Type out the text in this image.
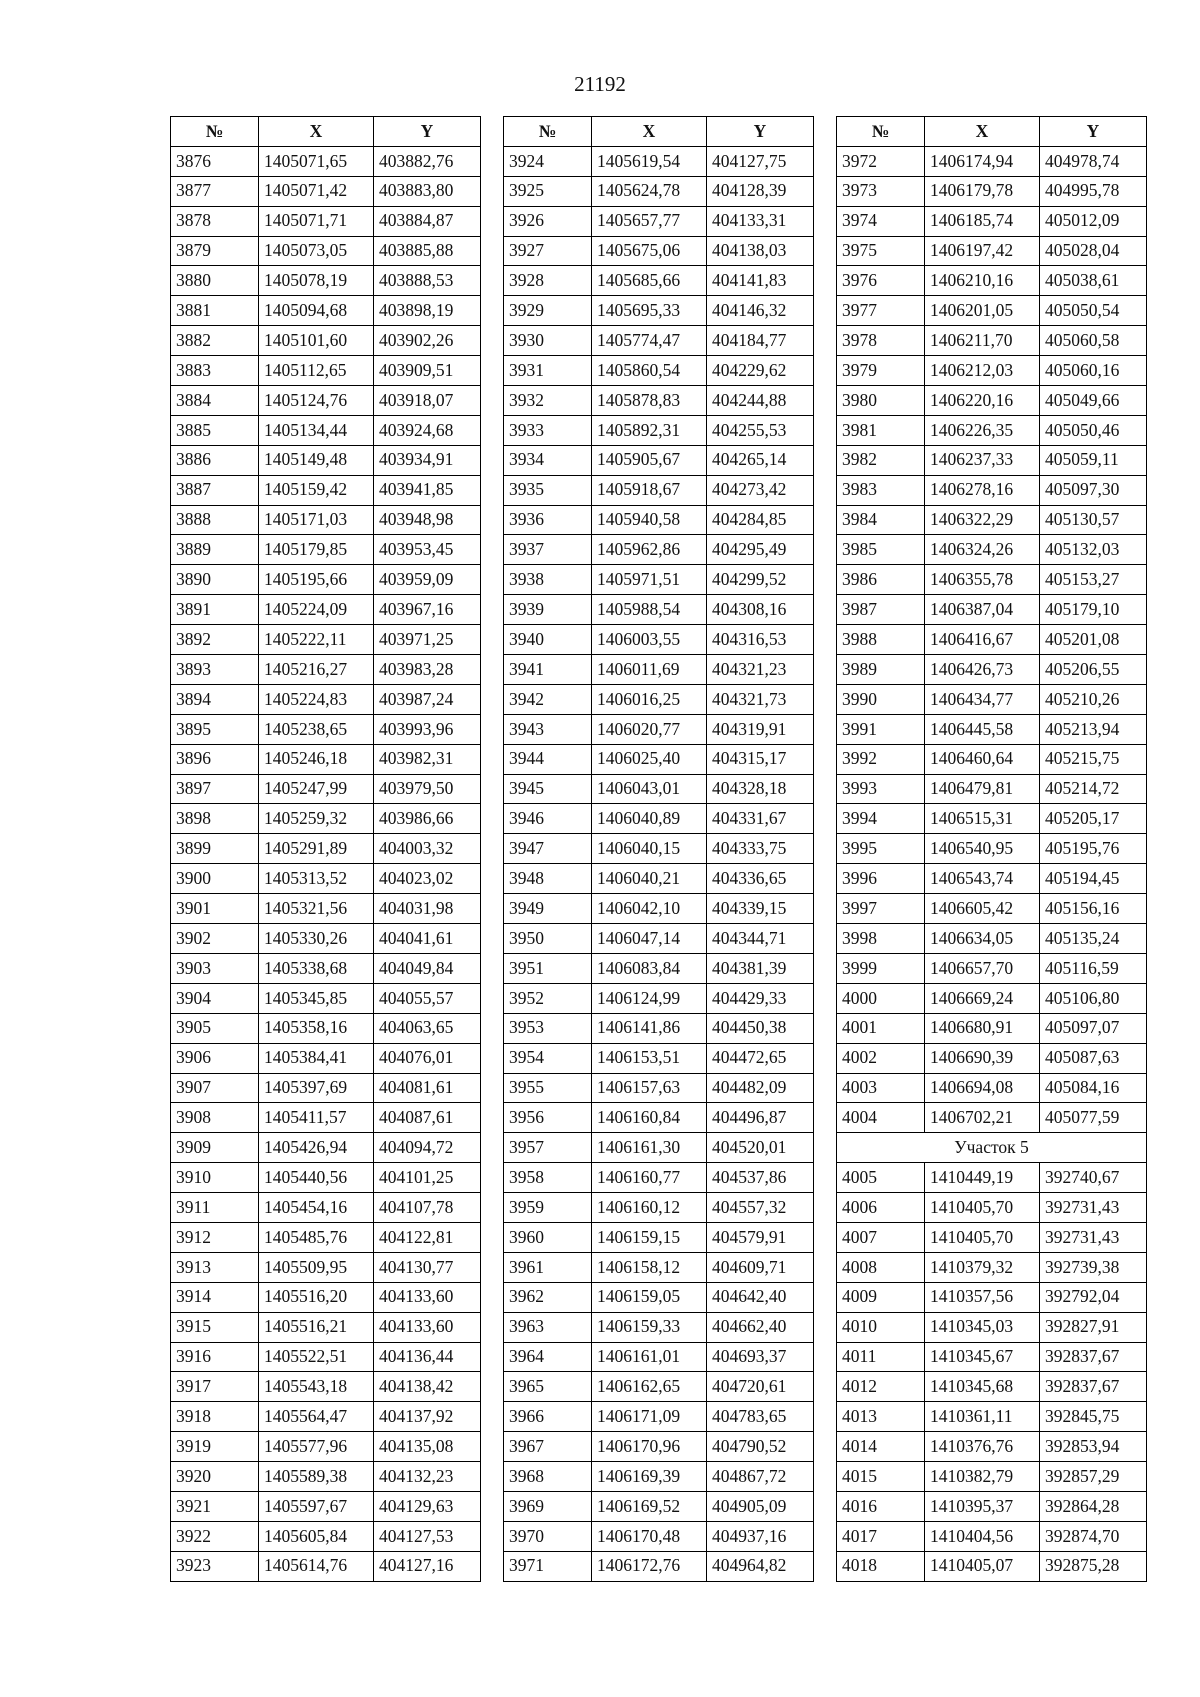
21192
№	X	Y
3876	1405071,65	403882,76
3877	1405071,42	403883,80
3878	1405071,71	403884,87
3879	1405073,05	403885,88
3880	1405078,19	403888,53
3881	1405094,68	403898,19
3882	1405101,60	403902,26
3883	1405112,65	403909,51
3884	1405124,76	403918,07
3885	1405134,44	403924,68
3886	1405149,48	403934,91
3887	1405159,42	403941,85
3888	1405171,03	403948,98
3889	1405179,85	403953,45
3890	1405195,66	403959,09
3891	1405224,09	403967,16
3892	1405222,11	403971,25
3893	1405216,27	403983,28
3894	1405224,83	403987,24
3895	1405238,65	403993,96
3896	1405246,18	403982,31
3897	1405247,99	403979,50
3898	1405259,32	403986,66
3899	1405291,89	404003,32
3900	1405313,52	404023,02
3901	1405321,56	404031,98
3902	1405330,26	404041,61
3903	1405338,68	404049,84
3904	1405345,85	404055,57
3905	1405358,16	404063,65
3906	1405384,41	404076,01
3907	1405397,69	404081,61
3908	1405411,57	404087,61
3909	1405426,94	404094,72
3910	1405440,56	404101,25
3911	1405454,16	404107,78
3912	1405485,76	404122,81
3913	1405509,95	404130,77
3914	1405516,20	404133,60
3915	1405516,21	404133,60
3916	1405522,51	404136,44
3917	1405543,18	404138,42
3918	1405564,47	404137,92
3919	1405577,96	404135,08
3920	1405589,38	404132,23
3921	1405597,67	404129,63
3922	1405605,84	404127,53
3923	1405614,76	404127,16
№	X	Y
3924	1405619,54	404127,75
3925	1405624,78	404128,39
3926	1405657,77	404133,31
3927	1405675,06	404138,03
3928	1405685,66	404141,83
3929	1405695,33	404146,32
3930	1405774,47	404184,77
3931	1405860,54	404229,62
3932	1405878,83	404244,88
3933	1405892,31	404255,53
3934	1405905,67	404265,14
3935	1405918,67	404273,42
3936	1405940,58	404284,85
3937	1405962,86	404295,49
3938	1405971,51	404299,52
3939	1405988,54	404308,16
3940	1406003,55	404316,53
3941	1406011,69	404321,23
3942	1406016,25	404321,73
3943	1406020,77	404319,91
3944	1406025,40	404315,17
3945	1406043,01	404328,18
3946	1406040,89	404331,67
3947	1406040,15	404333,75
3948	1406040,21	404336,65
3949	1406042,10	404339,15
3950	1406047,14	404344,71
3951	1406083,84	404381,39
3952	1406124,99	404429,33
3953	1406141,86	404450,38
3954	1406153,51	404472,65
3955	1406157,63	404482,09
3956	1406160,84	404496,87
3957	1406161,30	404520,01
3958	1406160,77	404537,86
3959	1406160,12	404557,32
3960	1406159,15	404579,91
3961	1406158,12	404609,71
3962	1406159,05	404642,40
3963	1406159,33	404662,40
3964	1406161,01	404693,37
3965	1406162,65	404720,61
3966	1406171,09	404783,65
3967	1406170,96	404790,52
3968	1406169,39	404867,72
3969	1406169,52	404905,09
3970	1406170,48	404937,16
3971	1406172,76	404964,82
№	X	Y
3972	1406174,94	404978,74
3973	1406179,78	404995,78
3974	1406185,74	405012,09
3975	1406197,42	405028,04
3976	1406210,16	405038,61
3977	1406201,05	405050,54
3978	1406211,70	405060,58
3979	1406212,03	405060,16
3980	1406220,16	405049,66
3981	1406226,35	405050,46
3982	1406237,33	405059,11
3983	1406278,16	405097,30
3984	1406322,29	405130,57
3985	1406324,26	405132,03
3986	1406355,78	405153,27
3987	1406387,04	405179,10
3988	1406416,67	405201,08
3989	1406426,73	405206,55
3990	1406434,77	405210,26
3991	1406445,58	405213,94
3992	1406460,64	405215,75
3993	1406479,81	405214,72
3994	1406515,31	405205,17
3995	1406540,95	405195,76
3996	1406543,74	405194,45
3997	1406605,42	405156,16
3998	1406634,05	405135,24
3999	1406657,70	405116,59
4000	1406669,24	405106,80
4001	1406680,91	405097,07
4002	1406690,39	405087,63
4003	1406694,08	405084,16
4004	1406702,21	405077,59
Участок 5		
4005	1410449,19	392740,67
4006	1410405,70	392731,43
4007	1410405,70	392731,43
4008	1410379,32	392739,38
4009	1410357,56	392792,04
4010	1410345,03	392827,91
4011	1410345,67	392837,67
4012	1410345,68	392837,67
4013	1410361,11	392845,75
4014	1410376,76	392853,94
4015	1410382,79	392857,29
4016	1410395,37	392864,28
4017	1410404,56	392874,70
4018	1410405,07	392875,28
